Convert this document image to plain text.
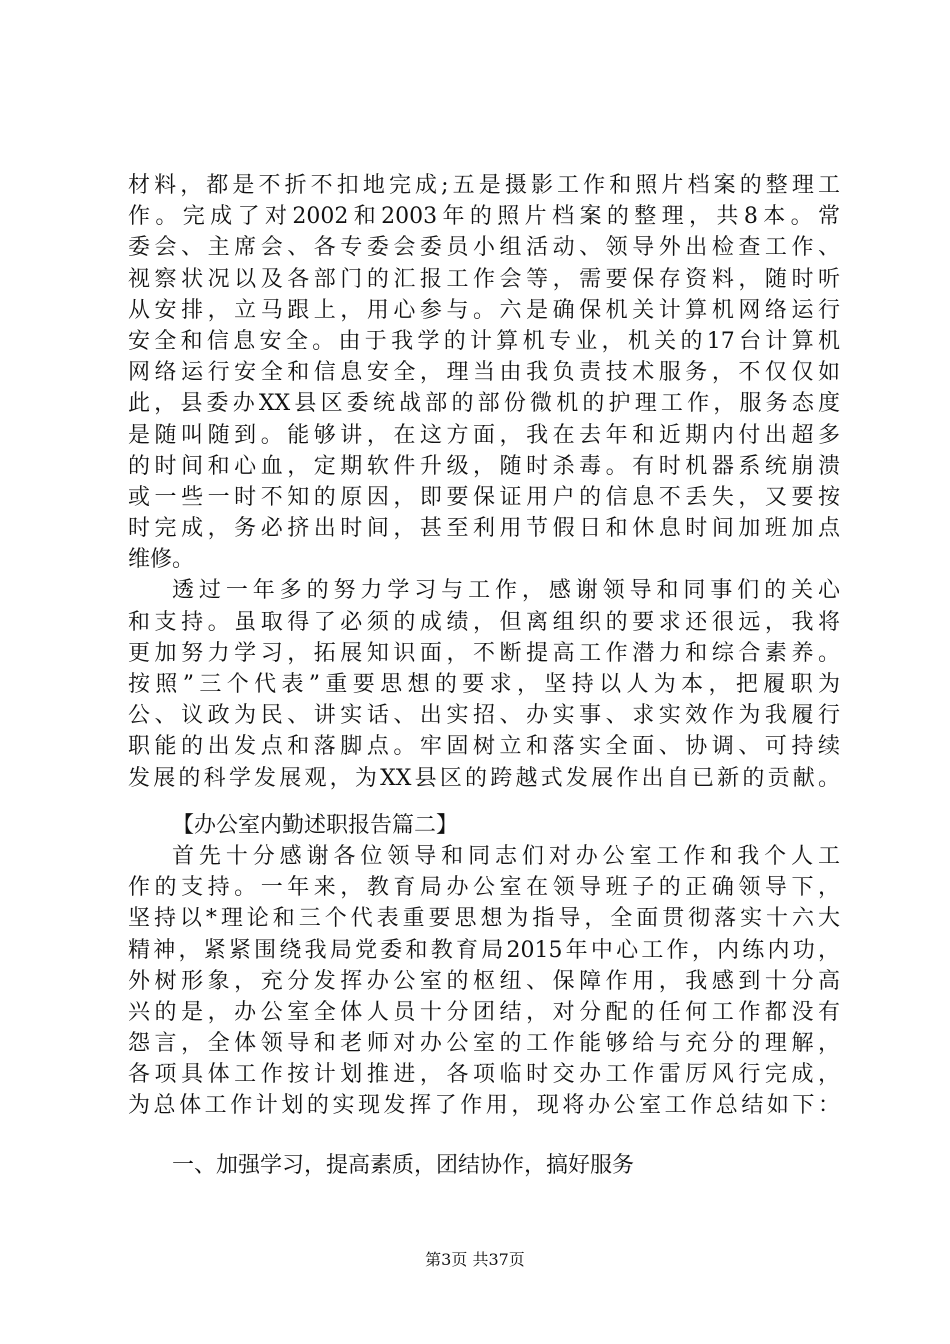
材料，都是不折不扣地完成;五是摄影工作和照片档案的整理工
作。完成了对2002和2003年的照片档案的整理，共8本。常
委会、主席会、各专委会委员小组活动、领导外出检查工作、
视察状况以及各部门的汇报工作会等，需要保存资料，随时听
从安排，立马跟上，用心参与。六是确保机关计算机网络运行
安全和信息安全。由于我学的计算机专业，机关的17台计算机
网络运行安全和信息安全，理当由我负责技术服务，不仅仅如
此，县委办XX县区委统战部的部份微机的护理工作，服务态度
是随叫随到。能够讲，在这方面，我在去年和近期内付出超多
的时间和心血，定期软件升级，随时杀毒。有时机器系统崩溃
或一些一时不知的原因，即要保证用户的信息不丢失，又要按
时完成，务必挤出时间，甚至利用节假日和休息时间加班加点
维修。
透过一年多的努力学习与工作，感谢领导和同事们的关心
和支持。虽取得了必须的成绩，但离组织的要求还很远，我将
更加努力学习，拓展知识面，不断提高工作潜力和综合素养。
按照”三个代表”重要思想的要求，坚持以人为本，把履职为
公、议政为民、讲实话、出实招、办实事、求实效作为我履行
职能的出发点和落脚点。牢固树立和落实全面、协调、可持续
发展的科学发展观，为XX县区的跨越式发展作出自已新的贡献。
【办公室内勤述职报告篇二】
首先十分感谢各位领导和同志们对办公室工作和我个人工
作的支持。一年来，教育局办公室在领导班子的正确领导下，
坚持以*理论和三个代表重要思想为指导，全面贯彻落实十六大
精神，紧紧围绕我局党委和教育局2015年中心工作，内练内功，
外树形象，充分发挥办公室的枢纽、保障作用，我感到十分高
兴的是，办公室全体人员十分团结，对分配的任何工作都没有
怨言，全体领导和老师对办公室的工作能够给与充分的理解，
各项具体工作按计划推进，各项临时交办工作雷厉风行完成，
为总体工作计划的实现发挥了作用，现将办公室工作总结如下：
一、加强学习，提高素质，团结协作，搞好服务
第3页 共37页
